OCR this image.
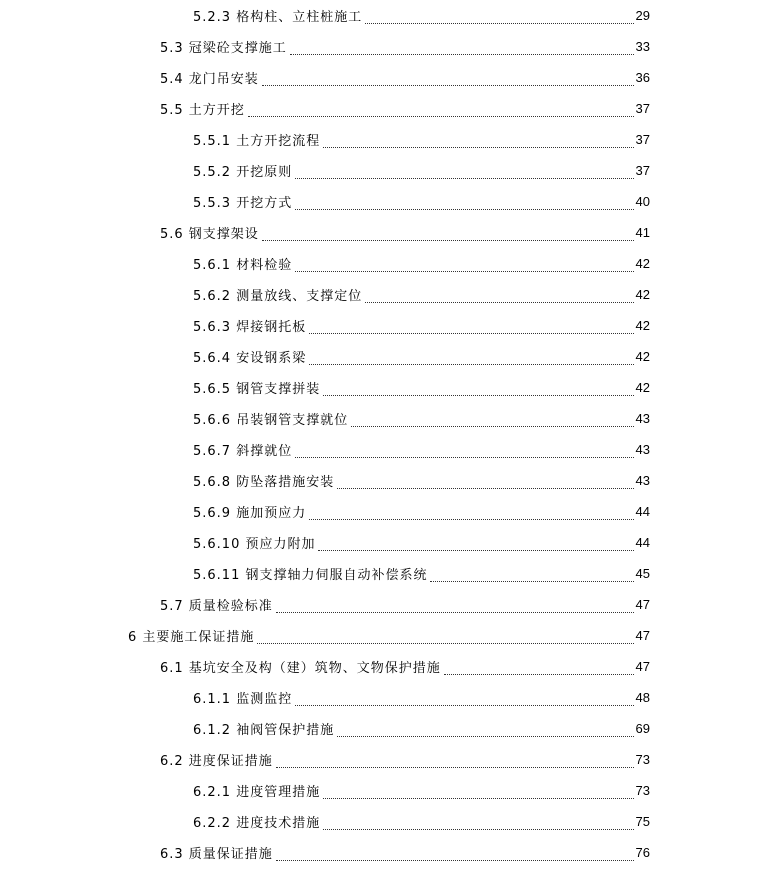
5.2.3 格构柱、立柱桩施工	29
5.3 冠梁砼支撑施工	33
5.4 龙门吊安装	36
5.5 土方开挖	37
5.5.1 土方开挖流程	37
5.5.2 开挖原则	37
5.5.3 开挖方式	40
5.6 钢支撑架设	41
5.6.1 材料检验	42
5.6.2 测量放线、支撑定位	42
5.6.3 焊接钢托板	42
5.6.4 安设钢系梁	42
5.6.5 钢管支撑拼装	42
5.6.6 吊装钢管支撑就位	43
5.6.7 斜撑就位	43
5.6.8 防坠落措施安装	43
5.6.9 施加预应力	44
5.6.10 预应力附加	44
5.6.11 钢支撑轴力伺服自动补偿系统	45
5.7 质量检验标准	47
6 主要施工保证措施	47
6.1 基坑安全及构（建）筑物、文物保护措施	47
6.1.1 监测监控	48
6.1.2 袖阀管保护措施	69
6.2 进度保证措施	73
6.2.1 进度管理措施	73
6.2.2 进度技术措施	75
6.3 质量保证措施	76
